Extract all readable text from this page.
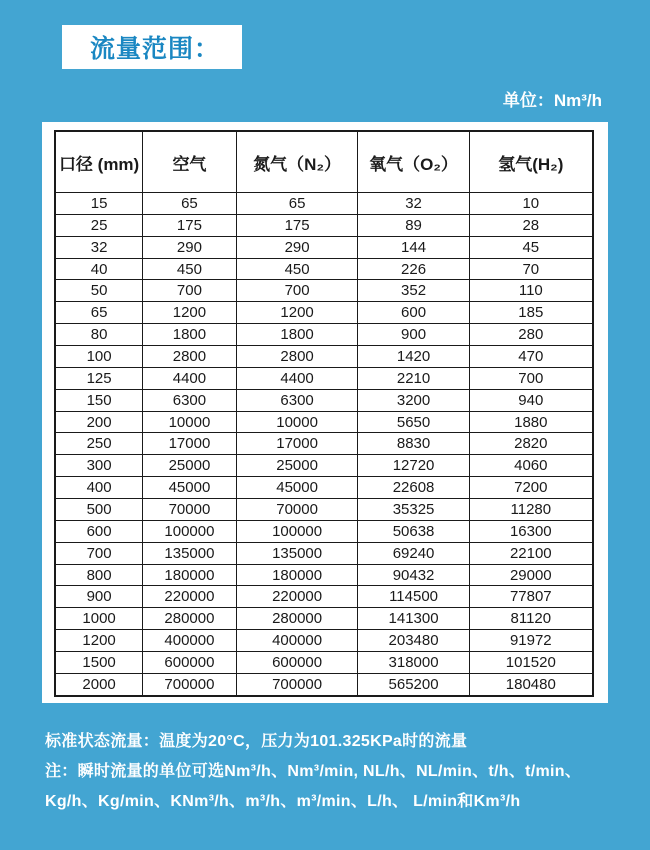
流量范围：
单位：Nm³/h
口径 (mm)	空气	氮气（N₂）	氧气（O₂）	氢气(H₂)
15	65	65	32	10
25	175	175	89	28
32	290	290	144	45
40	450	450	226	70
50	700	700	352	110
65	1200	1200	600	185
80	1800	1800	900	280
100	2800	2800	1420	470
125	4400	4400	2210	700
150	6300	6300	3200	940
200	10000	10000	5650	1880
250	17000	17000	8830	2820
300	25000	25000	12720	4060
400	45000	45000	22608	7200
500	70000	70000	35325	11280
600	100000	100000	50638	16300
700	135000	135000	69240	22100
800	180000	180000	90432	29000
900	220000	220000	114500	77807
1000	280000	280000	141300	81120
1200	400000	400000	203480	91972
1500	600000	600000	318000	101520
2000	700000	700000	565200	180480

标准状态流量：温度为20°C，压力为101.325KPa时的流量

注：瞬时流量的单位可选Nm³/h、Nm³/min, NL/h、NL/min、t/h、t/min、

Kg/h、Kg/min、KNm³/h、m³/h、m³/min、L/h、 L/min和Km³/h
